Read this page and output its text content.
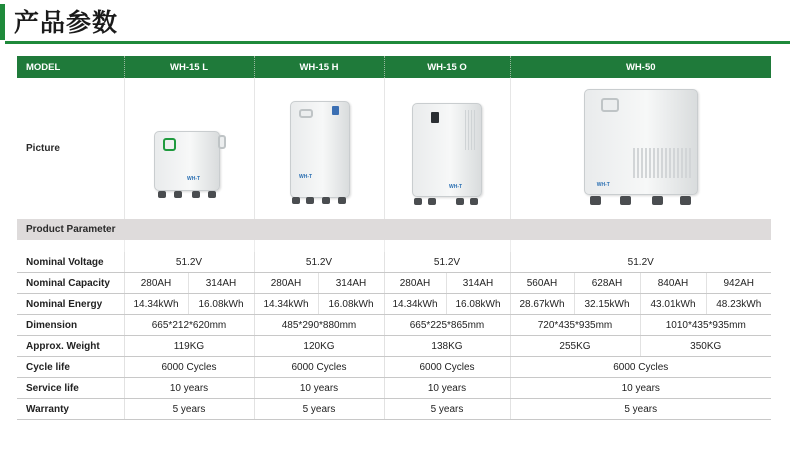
产品参数
MODEL	WH-15 L		WH-15 H		WH-15 O		WH-50			
Picture	WH-T		WH-T		WH-T		WH-T			

Product Parameter										

Nominal Voltage	51.2V		51.2V		51.2V		51.2V			
Nominal Capacity	280AH	314AH	280AH	314AH	280AH	314AH	560AH	628AH	840AH	942AH
Nominal Energy	14.34kWh	16.08kWh	14.34kWh	16.08kWh	14.34kWh	16.08kWh	28.67kWh	32.15kWh	43.01kWh	48.23kWh
Dimension	665*212*620mm		485*290*880mm		665*225*865mm		720*435*935mm		1010*435*935mm	
Approx. Weight	119KG		120KG		138KG		255KG		350KG	
Cycle life	6000 Cycles		6000 Cycles		6000 Cycles		6000 Cycles			
Service life	10 years		10 years		10 years		10 years			
Warranty	5 years		5 years		5 years		5 years			
